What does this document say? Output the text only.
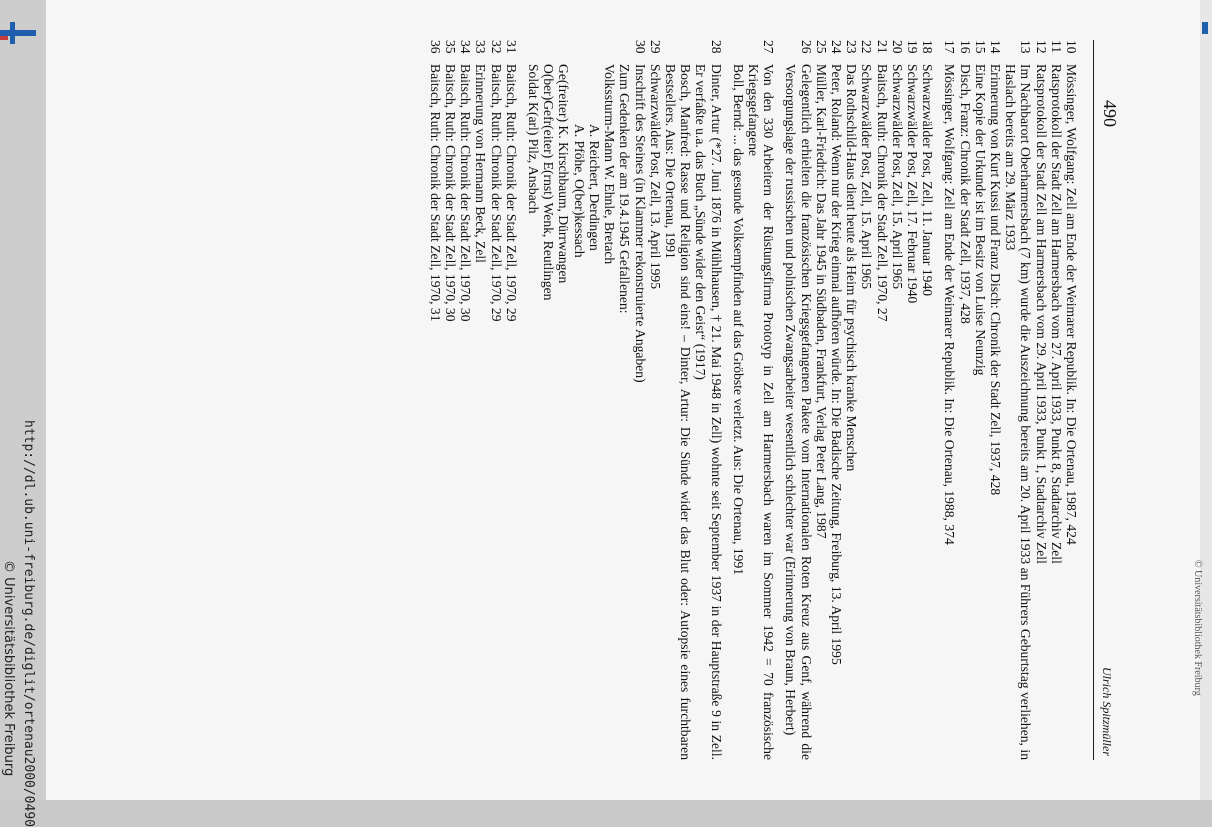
http://dl.ub.uni-freiburg.de/diglit/ortenau2000/0490
© Universitätsbibliothek Freiburg	© Universitätsbibliothek Freiburg
490
Ulrich Spitzmüller
10
Mössinger, Wolfgang: Zell am Ende der Weimarer Republik. In: Die Ortenau, 1987, 424
11
Ratsprotokoll der Stadt Zell am Harmersbach vom 27. April 1933, Punkt 8, Stadtarchiv Zell
12
Ratsprotokoll der Stadt Zell am Harmersbach vom 29. April 1933, Punkt 1, Stadtarchiv Zell
13
Im Nachbarort Oberharmersbach (7 km) wurde die Auszeichnung bereits am 20. April 1933 an Führers Geburtstag verliehen, in Haslach bereits am 29. März 1933
14
Erinnerung von Kurt Kussi und Franz Disch: Chronik der Stadt Zell, 1937, 428
15
Eine Kopie der Urkunde ist im Besitz von Luise Neunzig
16
Disch, Franz: Chronik der Stadt Zell, 1937, 428
17
Mössinger, Wolfgang: Zell am Ende der Weimarer Republik. In: Die Ortenau, 1988, 374
18
Schwarzwälder Post, Zell, 11. Januar 1940
19
Schwarzwälder Post, Zell, 17. Februar 1940
20
Schwarzwälder Post, Zell, 15. April 1965
21
Baitsch, Ruth: Chronik der Stadt Zell, 1970, 27
22
Schwarzwälder Post, Zell, 15. April 1965
23
Das Rothschild-Haus dient heute als Heim für psychisch kranke Menschen
24
Peter, Roland: Wenn nur der Krieg einmal aufhören würde. In: Die Badische Zeitung, Freiburg, 13. April 1995
25
Müller, Karl-Friedrich: Das Jahr 1945 in Südbaden, Frankfurt, Verlag Peter Lang, 1987
26
Gelegentlich erhielten die französischen Kriegsgefangenen Pakete vom Internationalen Roten Kreuz aus Genf, während die Versorgungslage der russischen und polnischen Zwangsarbeiter wesentlich schlechter war (Erinnerung von Braun, Herbert)
27
Von den 330 Arbeitern der Rüstungsfirma Prototyp in Zell am Harmersbach waren im Sommer 1942 = 70 französische Kriegsgefangene
Boll, Bernd: ... das gesunde Volksempfinden auf das Gröbste verletzt. Aus: Die Ortenau, 1991
28
Dinter, Artur (*27. Juni 1876 in Mühlhausen, † 21. Mai 1948 in Zell) wohnte seit September 1937 in der Hauptstraße 9 in Zell. Er verfaßte u.a. das Buch „Sünde wider den Geist“ (1917)
Bosch, Manfred: Rasse und Religion sind eins! – Dinter, Artur: Die Sünde wider das Blut oder: Autopsie eines furchtbaren Bestsellers. Aus: Die Ortenau, 1991
29
Schwarzwälder Post, Zell, 13. April 1995
30
Inschrift des Steines (in Klammer rekonstruierte Angaben)
Zum Gedenken der am 19.4.1945 Gefallenen:
Volkssturm-Mann W. Ehnle, Bretach
A. Reichert, Derdingen
A. Pföhe, O(ber)kessach
Ge(freiter) K. Kirschbaum, Dürrwangen
O(ber)Gefr(eiter) E(rnst) Wenk, Reutlingen
Soldat K(arl) Pilz, Ansbach
31
Baitsch, Ruth: Chronik der Stadt Zell, 1970, 29
32
Baitsch, Ruth: Chronik der Stadt Zell, 1970, 29
33
Erinnerung von Hermann Beck, Zell
34
Baitsch, Ruth: Chronik der Stadt Zell, 1970, 30
35
Baitsch, Ruth: Chronik der Stadt Zell, 1970, 30
36
Baitsch, Ruth: Chronik der Stadt Zell, 1970, 31
